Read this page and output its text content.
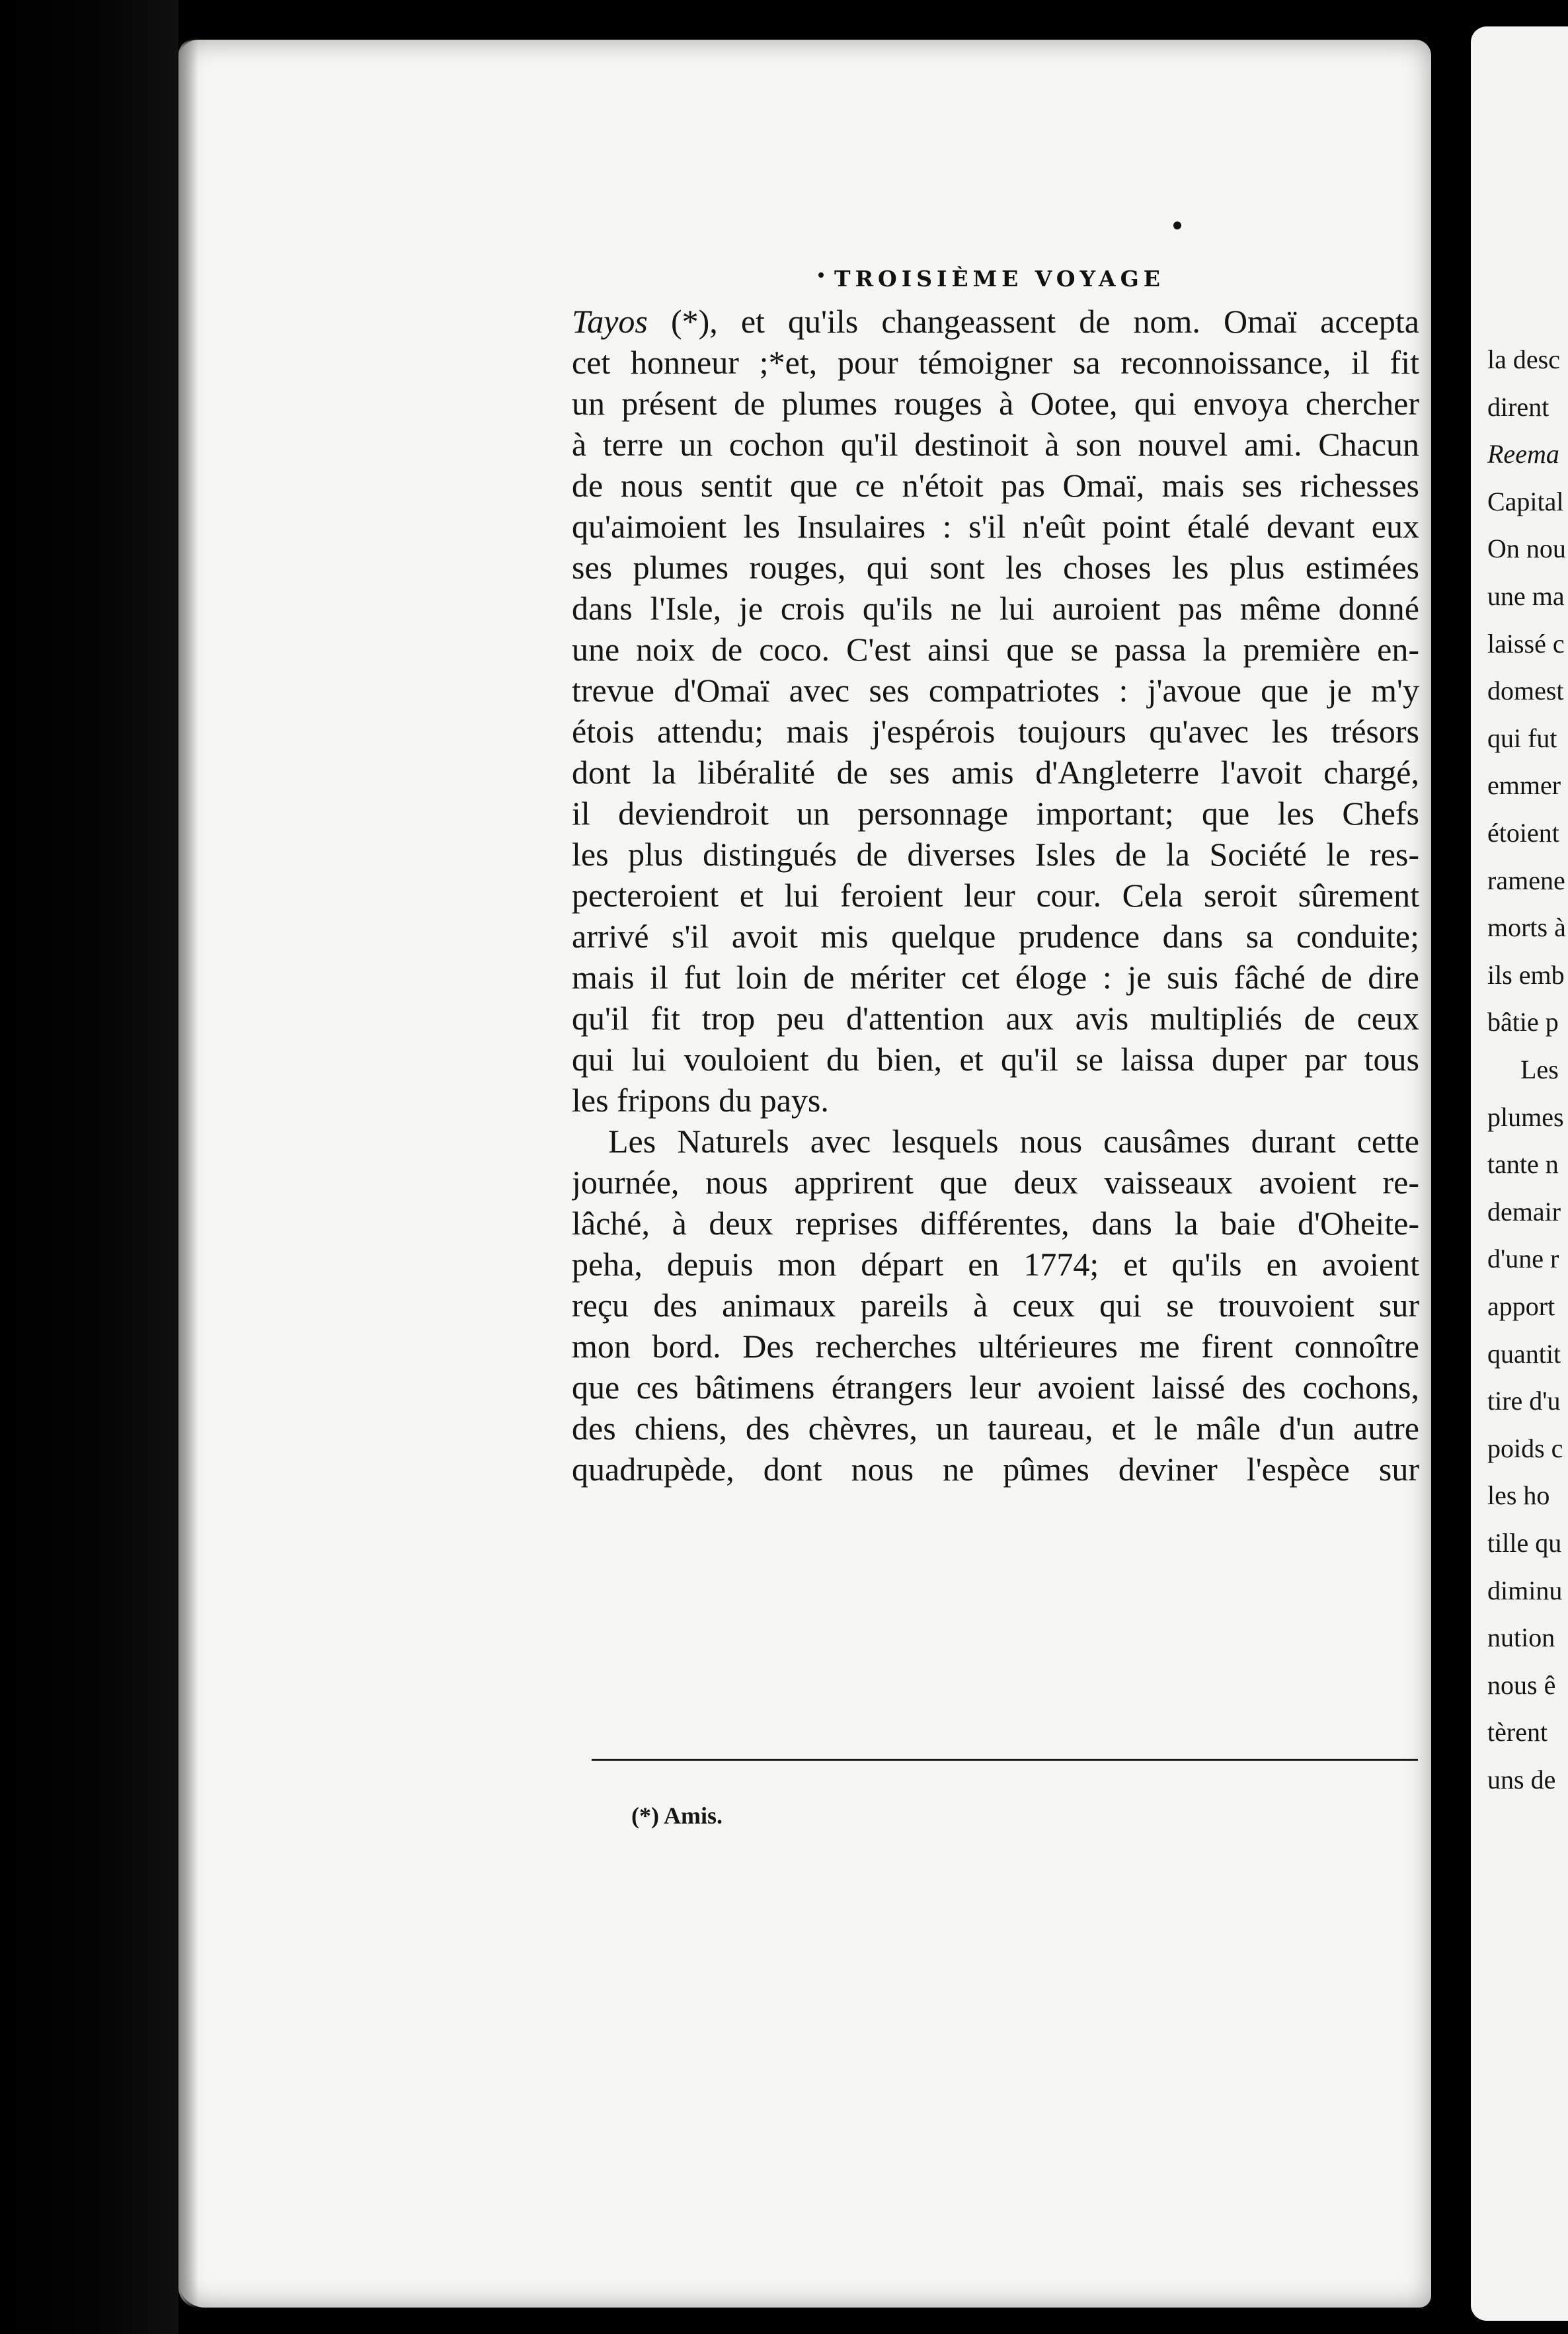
TROISIÈME VOYAGE
Tayos (*), et qu'ils changeassent de nom. Omaï accepta
cet honneur ;*et, pour témoigner sa reconnoissance, il fit
un présent de plumes rouges à Ootee, qui envoya chercher
à terre un cochon qu'il destinoit à son nouvel ami. Chacun
de nous sentit que ce n'étoit pas Omaï, mais ses richesses
qu'aimoient les Insulaires : s'il n'eût point étalé devant eux
ses plumes rouges, qui sont les choses les plus estimées
dans l'Isle, je crois qu'ils ne lui auroient pas même donné
une noix de coco. C'est ainsi que se passa la première en-
trevue d'Omaï avec ses compatriotes : j'avoue que je m'y
étois attendu; mais j'espérois toujours qu'avec les trésors
dont la libéralité de ses amis d'Angleterre l'avoit chargé,
il deviendroit un personnage important; que les Chefs
les plus distingués de diverses Isles de la Société le res-
pecteroient et lui feroient leur cour. Cela seroit sûrement
arrivé s'il avoit mis quelque prudence dans sa conduite;
mais il fut loin de mériter cet éloge : je suis fâché de dire
qu'il fit trop peu d'attention aux avis multipliés de ceux
qui lui vouloient du bien, et qu'il se laissa duper par tous
les fripons du pays.
Les Naturels avec lesquels nous causâmes durant cette
journée, nous apprirent que deux vaisseaux avoient re-
lâché, à deux reprises différentes, dans la baie d'Oheite-
peha, depuis mon départ en 1774; et qu'ils en avoient
reçu des animaux pareils à ceux qui se trouvoient sur
mon bord. Des recherches ultérieures me firent connoître
que ces bâtimens étrangers leur avoient laissé des cochons,
des chiens, des chèvres, un taureau, et le mâle d'un autre
quadrupède, dont nous ne pûmes deviner l'espèce sur
(*) Amis.
la desc
dirent
Reema
Capital
On nou
une ma
laissé c
domest
qui fut
emmer
étoient
ramene
morts à
ils emb
bâtie p
Les
plumes
tante n
demair
d'une r
apport
quantit
tire d'u
poids c
les ho
tille qu
diminu
nution
nous ê
tèrent
uns de
